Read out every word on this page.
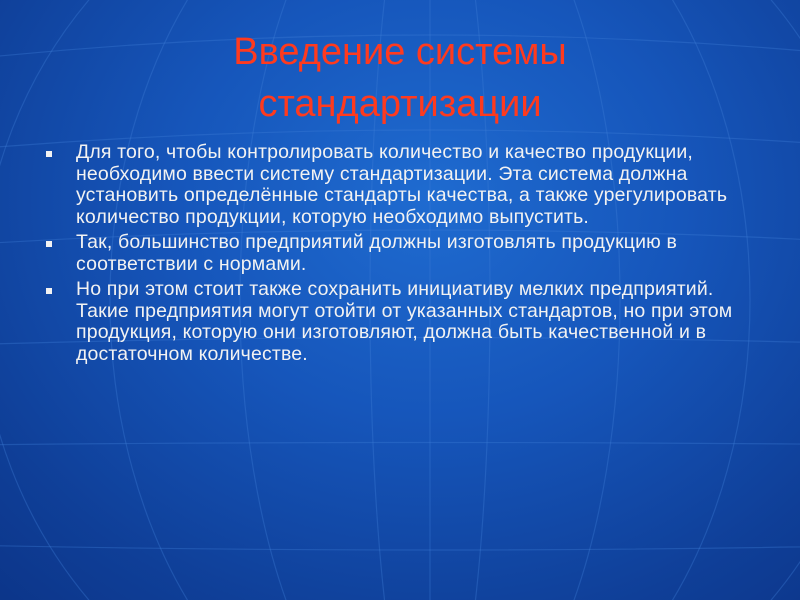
Введение системы
стандартизации
Для того, чтобы контролировать количество и качество продукции, необходимо ввести систему стандартизации. Эта система должна установить определённые стандарты качества, а также урегулировать количество продукции, которую необходимо выпустить.
Так, большинство предприятий должны изготовлять продукцию в соответствии с нормами.
Но при этом стоит также сохранить инициативу мелких предприятий. Такие предприятия могут отойти от указанных стандартов, но при этом продукция, которую они изготовляют, должна быть качественной и в достаточном количестве.
